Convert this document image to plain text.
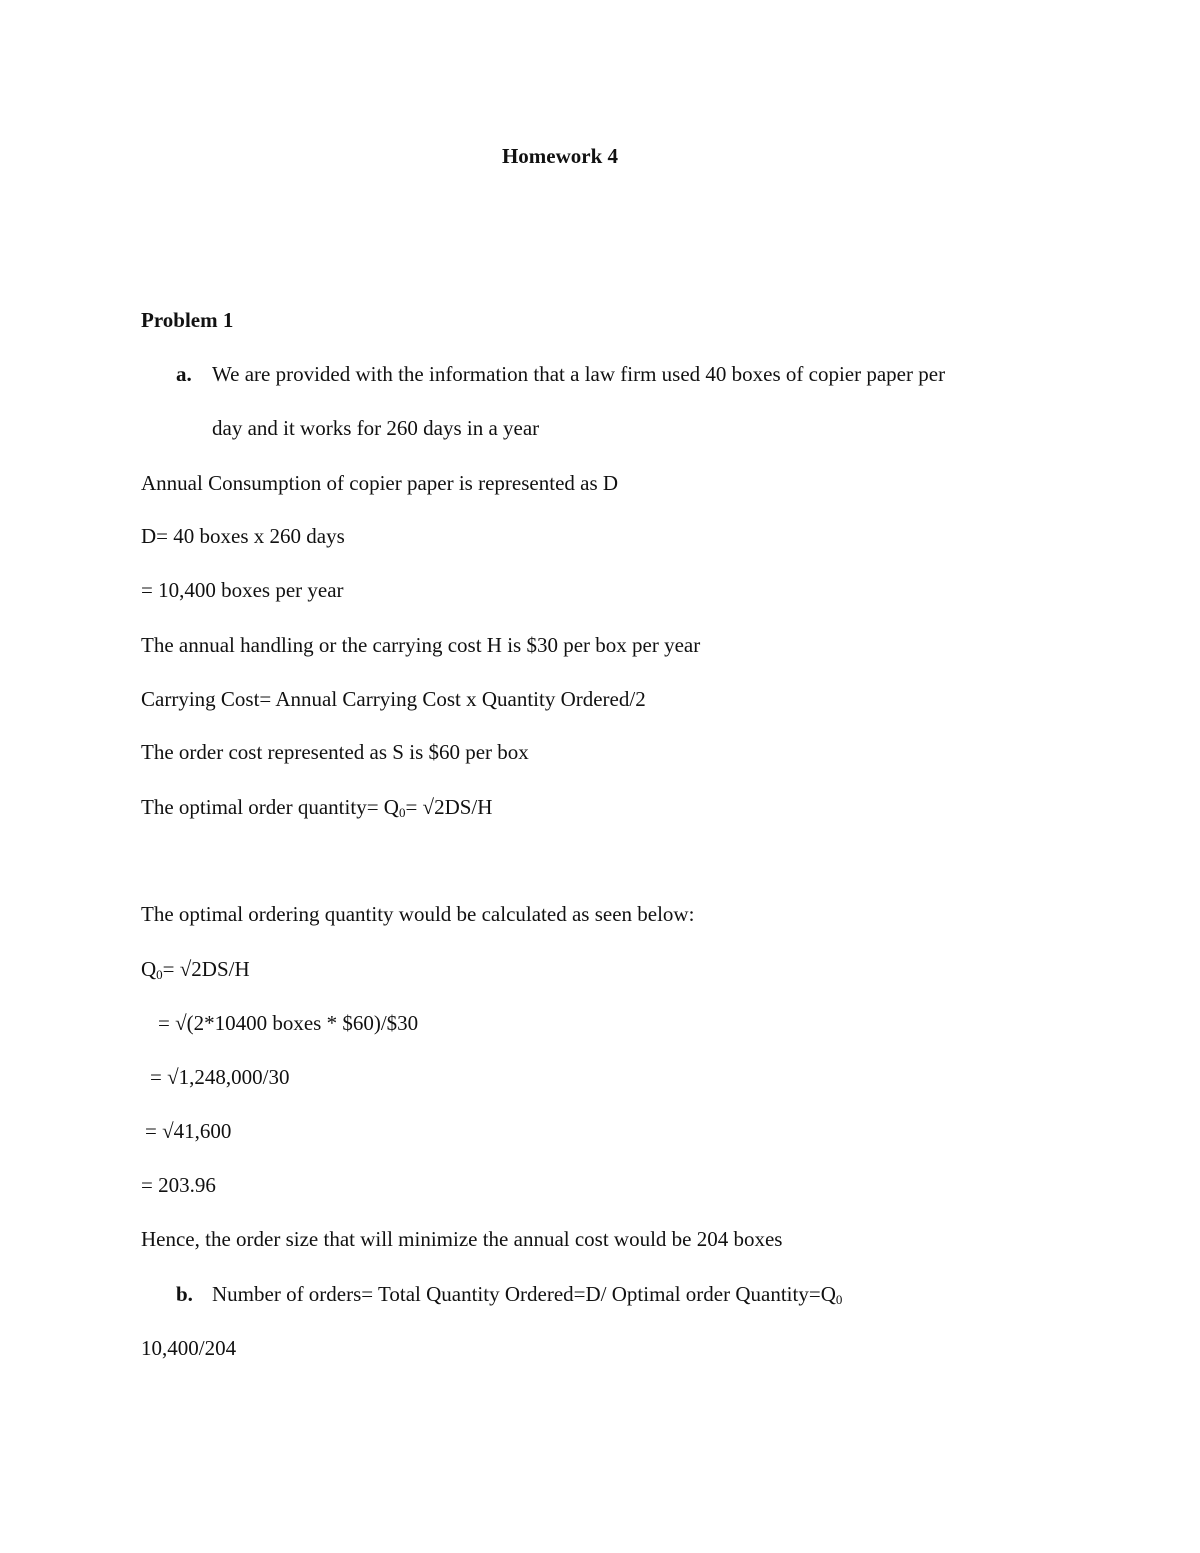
Homework 4
Problem 1
a. We are provided with the information that a law firm used 40 boxes of copier paper per
day and it works for 260 days in a year
Annual Consumption of copier paper is represented as D
D= 40 boxes x 260 days
= 10,400 boxes per year
The annual handling or the carrying cost H is $30 per box per year
Carrying Cost= Annual Carrying Cost x Quantity Ordered/2
The order cost represented as S is $60 per box
The optimal order quantity= $Q_0= √2DS/H$
The optimal ordering quantity would be calculated as seen below:
$Q_0= √2DS/H$
= √(2*10400 boxes * $60)/$30
= √1,248,000/30
= √41,600
= 203.96
Hence, the order size that will minimize the annual cost would be 204 boxes
b. Number of orders= Total Quantity Ordered=D/ Optimal order $Quantity=Q_0$
10,400/204
